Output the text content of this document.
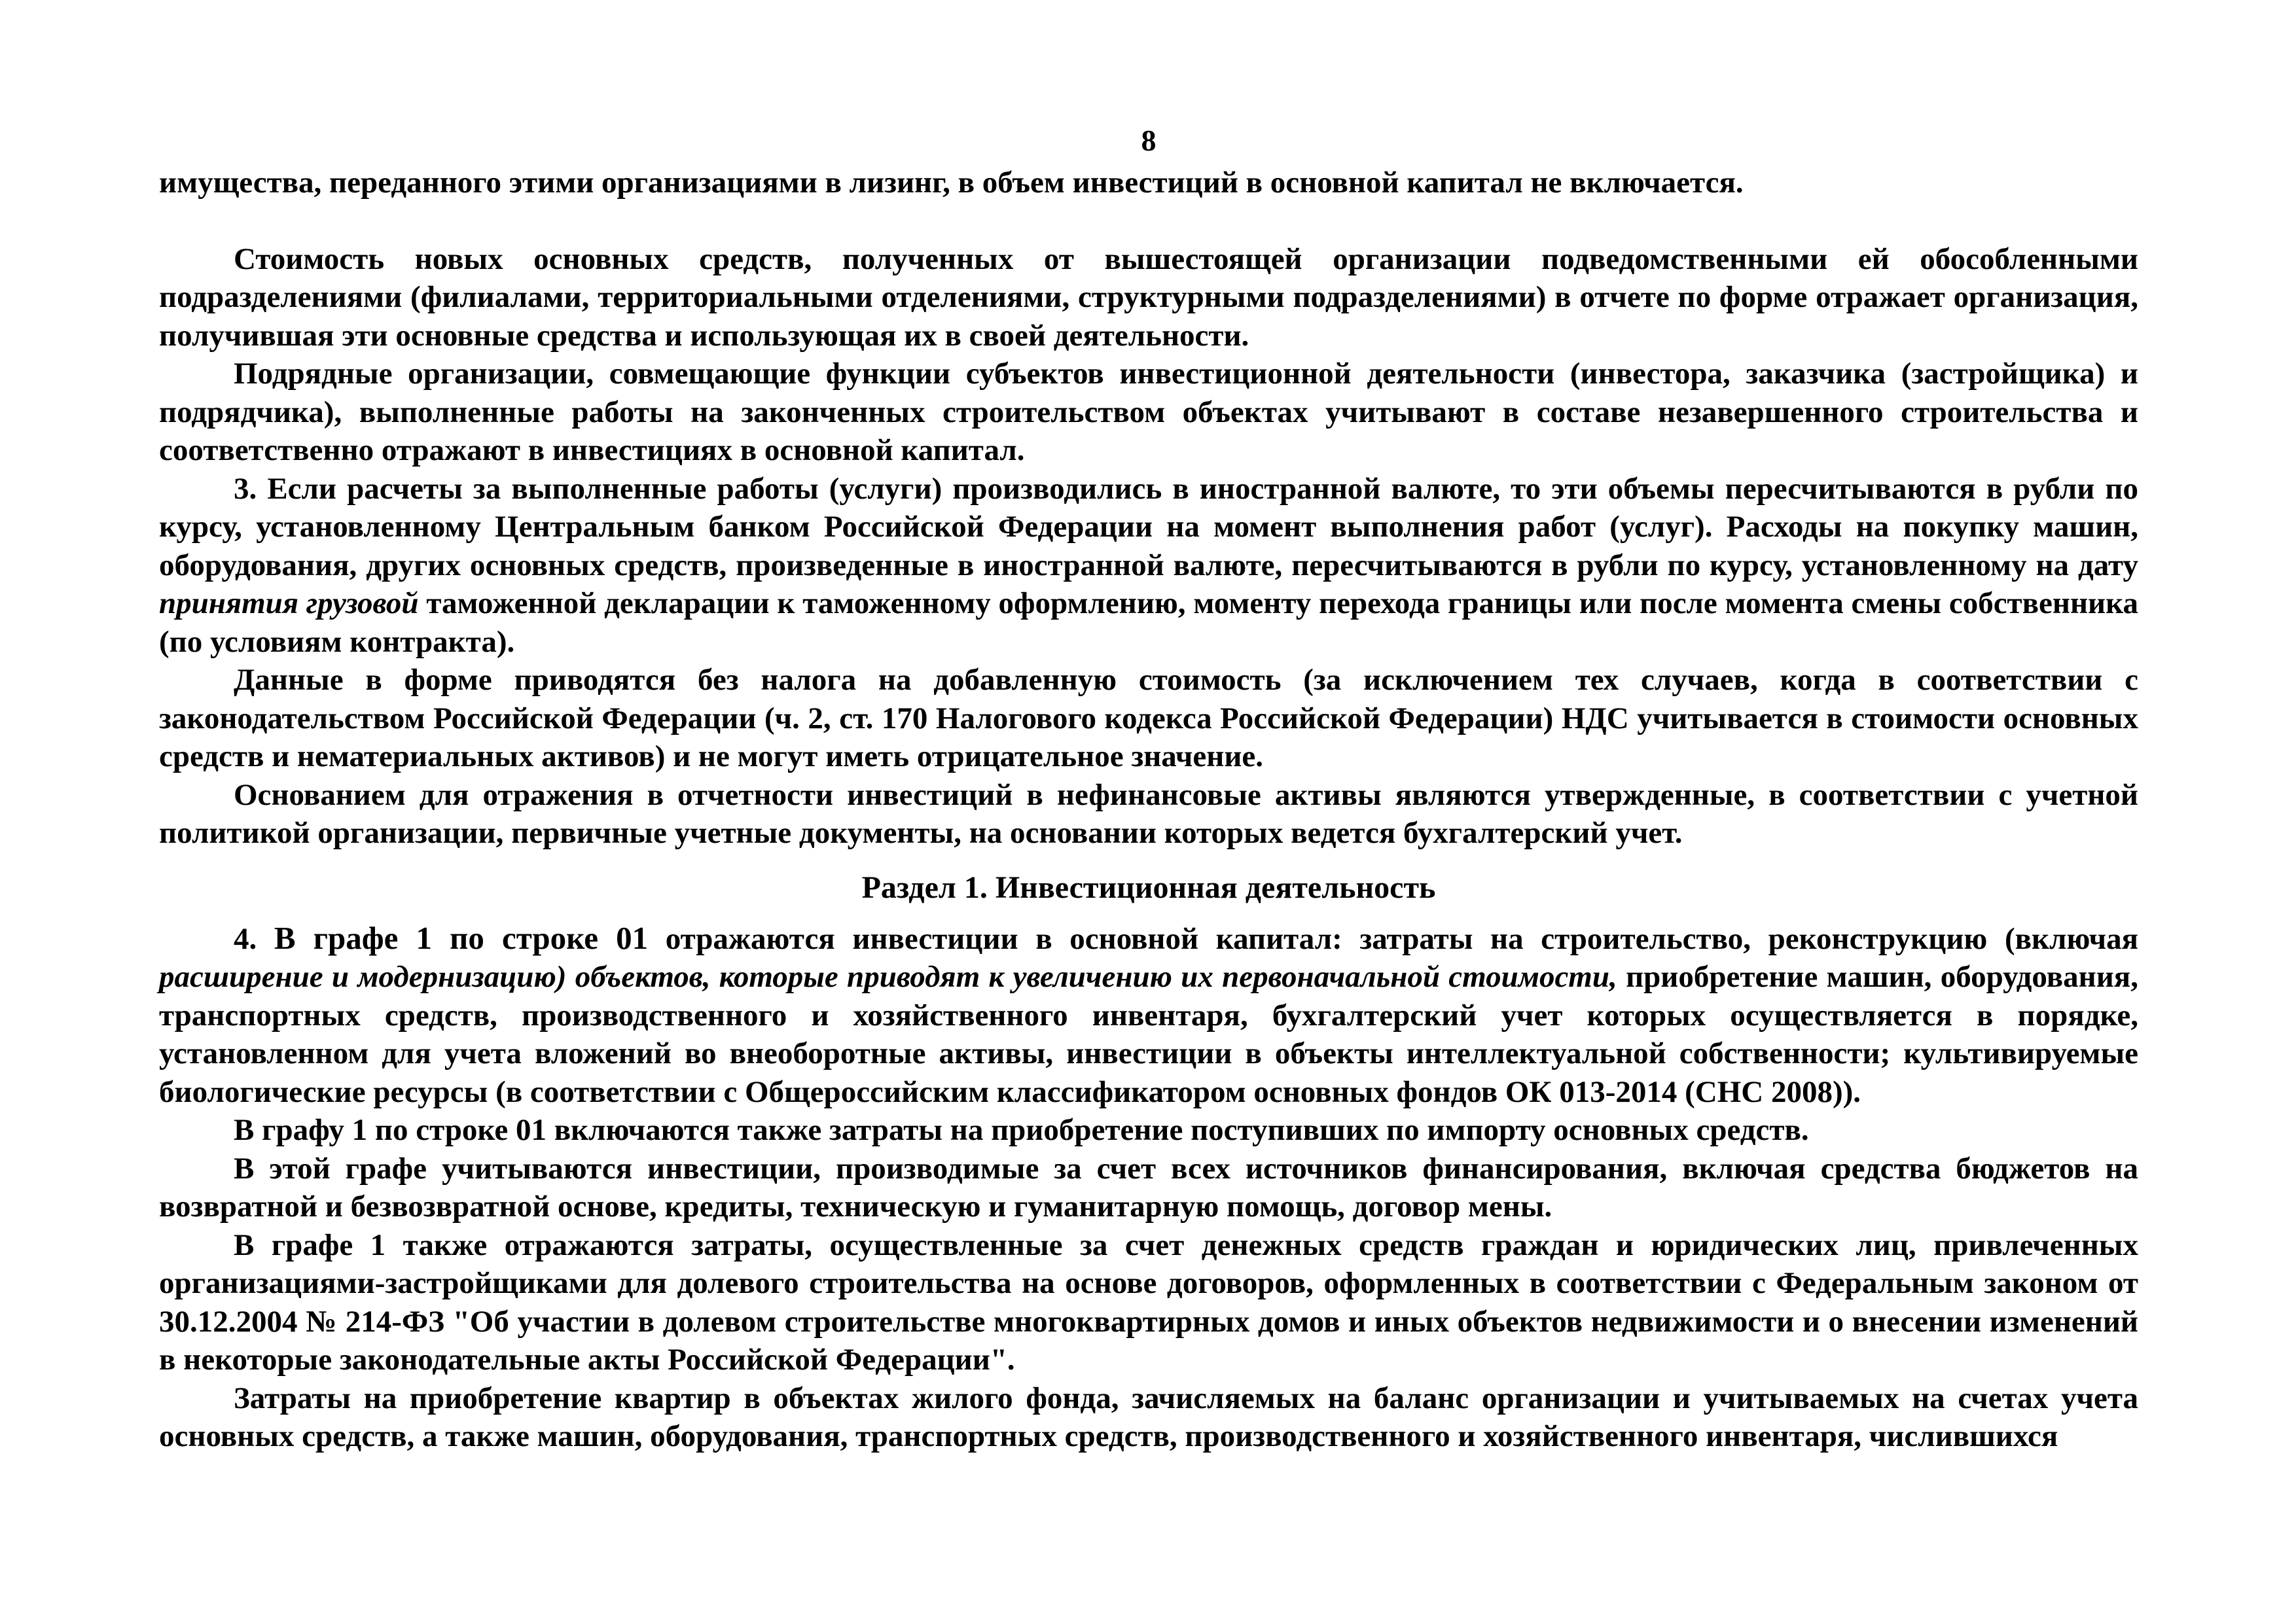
8

имущества, переданного этими организациями в лизинг, в объем инвестиций в основной капитал не включается.

Стоимость новых основных средств, полученных от вышестоящей организации подведомственными ей обособленными подразделениями (филиалами, территориальными отделениями, структурными подразделениями) в отчете по форме отражает организация, получившая эти основные средства и использующая их в своей деятельности.

Подрядные организации, совмещающие функции субъектов инвестиционной деятельности (инвестора, заказчика (застройщика) и подрядчика), выполненные работы на законченных строительством объектах учитывают в составе незавершенного строительства и соответственно отражают в инвестициях в основной капитал.

3. Если расчеты за выполненные работы (услуги) производились в иностранной валюте, то эти объемы пересчитываются в рубли по курсу, установленному Центральным банком Российской Федерации на момент выполнения работ (услуг). Расходы на покупку машин, оборудования, других основных средств, произведенные в иностранной валюте, пересчитываются в рубли по курсу, установленному на дату принятия грузовой таможенной декларации к таможенному оформлению, моменту перехода границы или после момента смены собственника (по условиям контракта).

Данные в форме приводятся без налога на добавленную стоимость (за исключением тех случаев, когда в соответствии с законодательством Российской Федерации (ч. 2, ст. 170 Налогового кодекса Российской Федерации) НДС учитывается в стоимости основных средств и нематериальных активов) и не могут иметь отрицательное значение.

Основанием для отражения в отчетности инвестиций в нефинансовые активы являются утвержденные, в соответствии с учетной политикой организации, первичные учетные документы, на основании которых ведется бухгалтерский учет.

Раздел 1. Инвестиционная деятельность

4. В графе 1 по строке 01 отражаются инвестиции в основной капитал: затраты на строительство, реконструкцию (включая расширение и модернизацию) объектов, которые приводят к увеличению их первоначальной стоимости, приобретение машин, оборудования, транспортных средств, производственного и хозяйственного инвентаря, бухгалтерский учет которых осуществляется в порядке, установленном для учета вложений во внеоборотные активы, инвестиции в объекты интеллектуальной собственности; культивируемые биологические ресурсы (в соответствии с Общероссийским классификатором основных фондов ОК 013-2014 (СНС 2008)).

В графу 1 по строке 01 включаются также затраты на приобретение поступивших по импорту основных средств.

В этой графе учитываются инвестиции, производимые за счет всех источников финансирования, включая средства бюджетов на возвратной и безвозвратной основе, кредиты, техническую и гуманитарную помощь, договор мены.

В графе 1 также отражаются затраты, осуществленные за счет денежных средств граждан и юридических лиц, привлеченных организациями-застройщиками для долевого строительства на основе договоров, оформленных в соответствии с Федеральным законом от 30.12.2004 № 214-ФЗ "Об участии в долевом строительстве многоквартирных домов и иных объектов недвижимости и о внесении изменений в некоторые законодательные акты Российской Федерации".

Затраты на приобретение квартир в объектах жилого фонда, зачисляемых на баланс организации и учитываемых на счетах учета основных средств, а также машин, оборудования, транспортных средств, производственного и хозяйственного инвентаря, числившихся
